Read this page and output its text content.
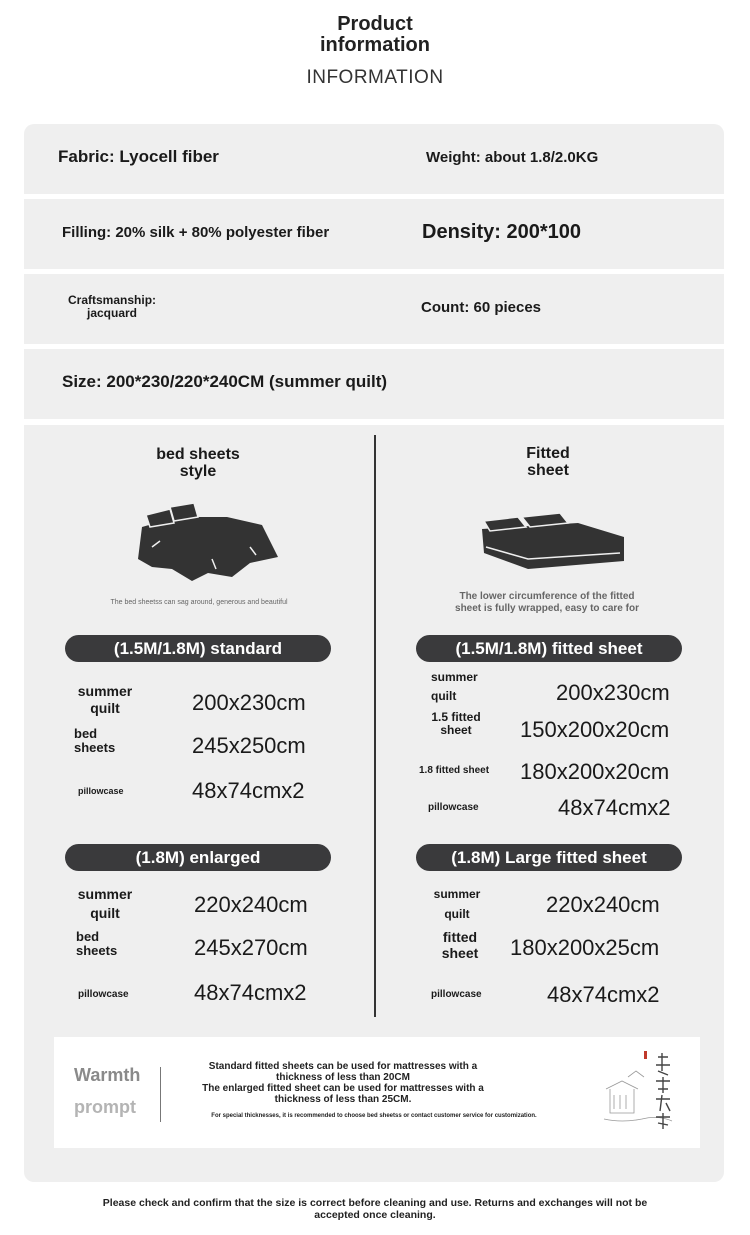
Product
information
INFORMATION
Fabric: Lyocell fiber	Weight: about 1.8/2.0KG
Filling: 20% silk + 80% polyester fiber	Density: 200*100
Craftsmanship:
jacquard	Count: 60 pieces
Size: 200*230/220*240CM (summer quilt)
bed sheets
style
The bed sheetss can sag around, generous and beautiful
Fitted
sheet
The lower circumference of the fitted
sheet is fully wrapped, easy to care for
(1.5M/1.8M) standard
summer
quilt	200x230cm
bed
sheets	245x250cm
pillowcase	48x74cmx2
(1.8M) enlarged
summer
quilt	220x240cm
bed
sheets	245x270cm
pillowcase	48x74cmx2
(1.5M/1.8M) fitted sheet
summer
quilt	200x230cm
1.5 fitted
sheet	150x200x20cm
1.8 fitted sheet	180x200x20cm
pillowcase	48x74cmx2
(1.8M) Large fitted sheet
summer
quilt	220x240cm
fitted
sheet	180x200x25cm
pillowcase	48x74cmx2
Warmth
prompt
Standard fitted sheets can be used for mattresses with a
thickness of less than 20CM
The enlarged fitted sheet can be used for mattresses with a
thickness of less than 25CM.
For special thicknesses, it is recommended to choose bed sheetss or contact customer service for customization.
Please check and confirm that the size is correct before cleaning and use. Returns and exchanges will not be
accepted once cleaning.
